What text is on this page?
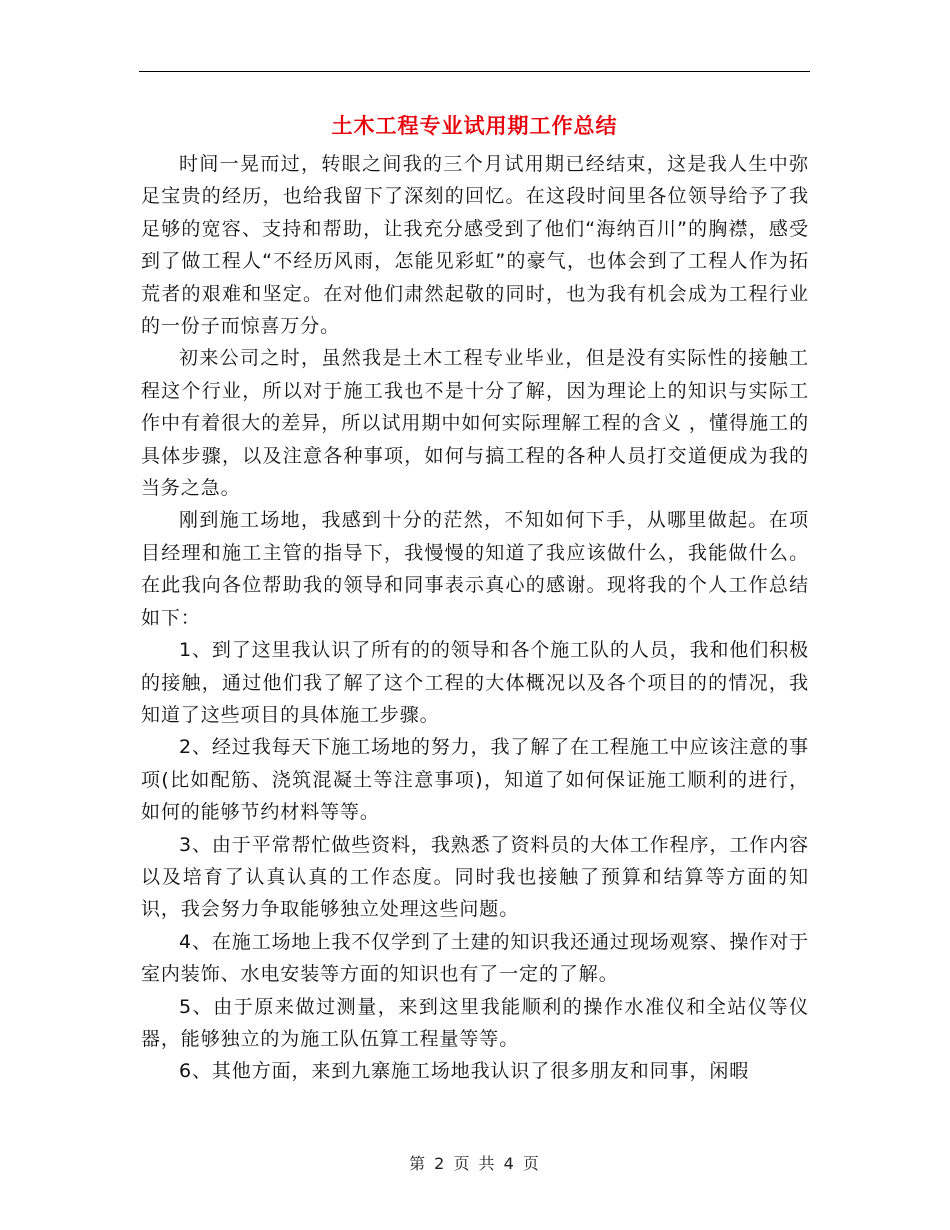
土木工程专业试用期工作总结

时间一晃而过，转眼之间我的三个月试用期已经结束，这是我人生中弥足宝贵的经历，也给我留下了深刻的回忆。在这段时间里各位领导给予了我足够的宽容、支持和帮助，让我充分感受到了他们“海纳百川”的胸襟，感受到了做工程人“不经历风雨，怎能见彩虹”的豪气，也体会到了工程人作为拓荒者的艰难和坚定。在对他们肃然起敬的同时，也为我有机会成为工程行业的一份子而惊喜万分。

初来公司之时，虽然我是土木工程专业毕业，但是没有实际性的接触工程这个行业，所以对于施工我也不是十分了解，因为理论上的知识与实际工作中有着很大的差异，所以试用期中如何实际理解工程的含义 ，懂得施工的具体步骤，以及注意各种事项，如何与搞工程的各种人员打交道便成为我的当务之急。

刚到施工场地，我感到十分的茫然，不知如何下手，从哪里做起。在项目经理和施工主管的指导下，我慢慢的知道了我应该做什么，我能做什么。在此我向各位帮助我的领导和同事表示真心的感谢。现将我的个人工作总结如下：

1、到了这里我认识了所有的的领导和各个施工队的人员，我和他们积极的接触，通过他们我了解了这个工程的大体概况以及各个项目的的情况，我知道了这些项目的具体施工步骤。

2、经过我每天下施工场地的努力，我了解了在工程施工中应该注意的事项(比如配筋、浇筑混凝土等注意事项)，知道了如何保证施工顺利的进行，如何的能够节约材料等等。

3、由于平常帮忙做些资料，我熟悉了资料员的大体工作程序，工作内容以及培育了认真认真的工作态度。同时我也接触了预算和结算等方面的知识，我会努力争取能够独立处理这些问题。

4、在施工场地上我不仅学到了土建的知识我还通过现场观察、操作对于室内装饰、水电安装等方面的知识也有了一定的了解。

5、由于原来做过测量，来到这里我能顺利的操作水准仪和全站仪等仪器，能够独立的为施工队伍算工程量等等。

6、其他方面，来到九寨施工场地我认识了很多朋友和同事，闲暇

第 2 页 共 4 页
